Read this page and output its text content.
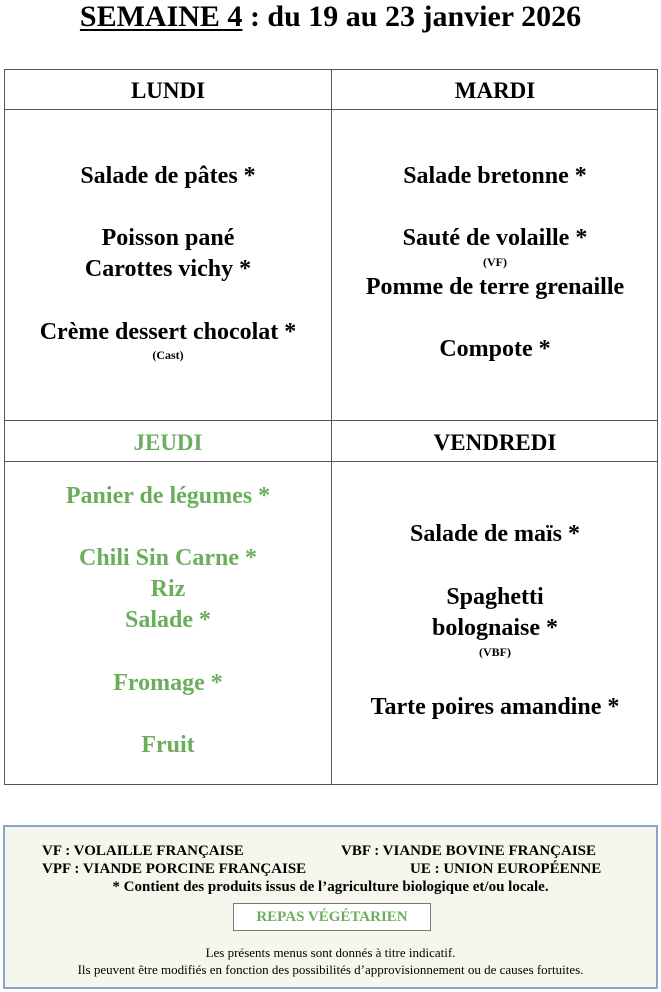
SEMAINE 4 : du 19 au 23 janvier 2026
LUNDI
Salade de pâtes *
Poisson pané
Carottes vichy *
Crème dessert chocolat *
(Cast)
MARDI
Salade bretonne *
Sauté de volaille *
(VF)
Pomme de terre grenaille
Compote *
JEUDI
Panier de légumes *
Chili Sin Carne *
Riz
Salade *
Fromage *
Fruit
VENDREDI
Salade de maïs *
Spaghetti
bolognaise *
(VBF)
Tarte poires amandine *
VF : VOLAILLE FRANÇAISE	VBF : VIANDE BOVINE FRANÇAISE
VPF : VIANDE PORCINE FRANÇAISE	UE : UNION EUROPÉENNE
* Contient des produits issus de l’agriculture biologique et/ou locale.
REPAS VÉGÉTARIEN
Les présents menus sont donnés à titre indicatif.
Ils peuvent être modifiés en fonction des possibilités d’approvisionnement ou de causes fortuites.
